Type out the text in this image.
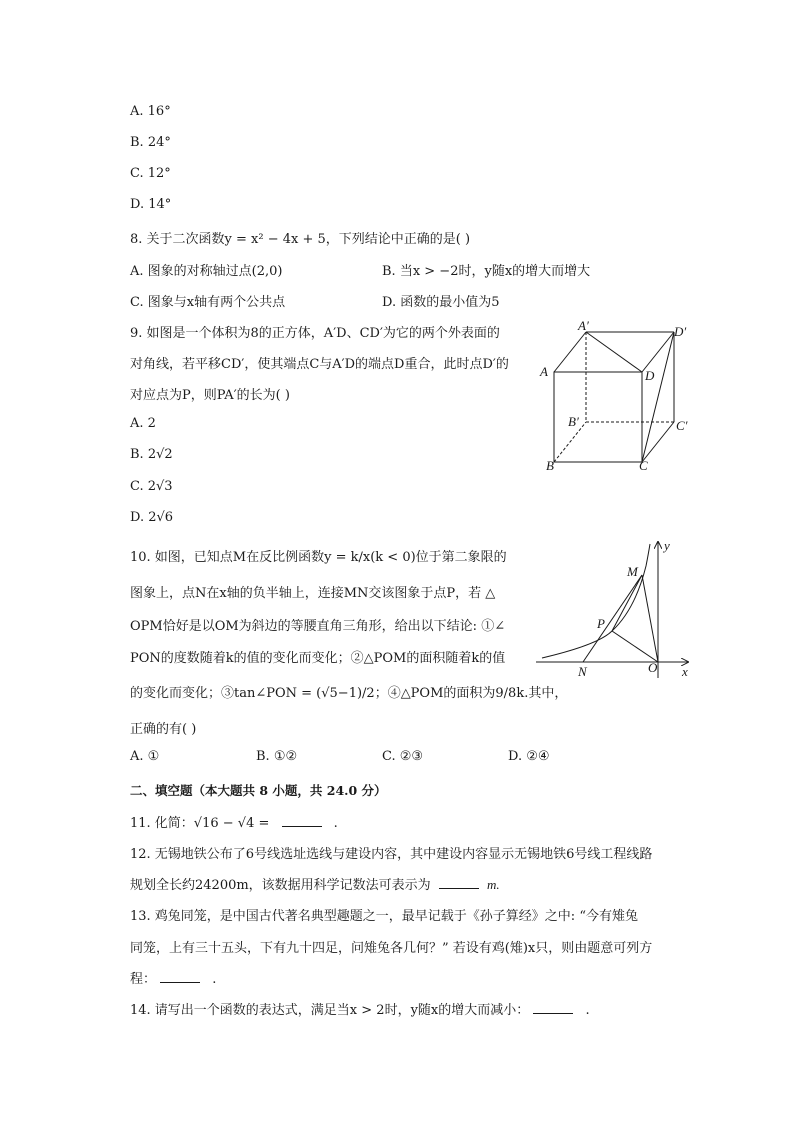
A. 16°
B. 24°
C. 12°
D. 14°
8. 关于二次函数y = x² − 4x + 5，下列结论中正确的是( )
A. 图象的对称轴过点(2,0)	B. 当x > −2时，y随x的增大而增大
C. 图象与x轴有两个公共点	D. 函数的最小值为5
9. 如图是一个体积为8的正方体，A′D、CD′为它的两个外表面的
对角线，若平移CD′，使其端点C与A′D的端点D重合，此时点D′的
对应点为P，则PA′的长为( )
A. 2
B. 2√2
C. 2√3
D. 2√6
A′	D′
A	D
B′	C′
B	C
10. 如图，已知点M在反比例函数y = k/x(k < 0)位于第二象限的
图象上，点N在x轴的负半轴上，连接MN交该图象于点P，若 △
OPM恰好是以OM为斜边的等腰直角三角形，给出以下结论: ①∠
PON的度数随着k的值的变化而变化；②△POM的面积随着k的值
的变化而变化；③tan∠PON = (√5−1)/2；④△POM的面积为9/8k.其中，
正确的有( )
A. ①	B. ①②	C. ②③	D. ②④
y
M
P
N	O x
二、填空题（本大题共 8 小题，共 24.0 分）
11. 化简：√16 − √4 =	.
12. 无锡地铁公布了6号线选址选线与建设内容，其中建设内容显示无锡地铁6号线工程线路
规划全长约24200m，该数据用科学记数法可表示为	m.
13. 鸡兔同笼，是中国古代著名典型趣题之一，最早记载于《孙子算经》之中: “今有雉兔
同笼，上有三十五头，下有九十四足，问雉兔各几何？” 若设有鸡(雉)x只，则由题意可列方
程：	.
14. 请写出一个函数的表达式，满足当x > 2时，y随x的增大而减小：	.
